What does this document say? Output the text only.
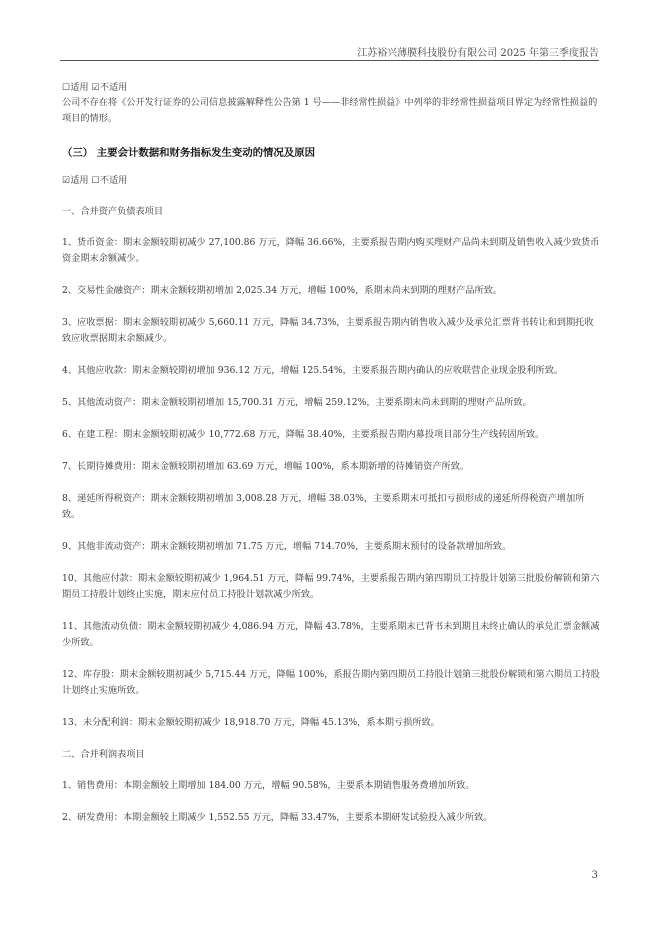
江苏裕兴薄膜科技股份有限公司 2025 年第三季度报告
☐适用 ☑不适用
公司不存在将《公开发行证券的公司信息披露解释性公告第 1 号——非经常性损益》中列举的非经常性损益项目界定为经常性损益的项目的情形。
（三） 主要会计数据和财务指标发生变动的情况及原因
☑适用 ☐不适用
一、合并资产负债表项目

1、货币资金：期末金额较期初减少 27,100.86 万元，降幅 36.66%，主要系报告期内购买理财产品尚未到期及销售收入减少致货币资金期末余额减少。

2、交易性金融资产：期末金额较期初增加 2,025.34 万元，增幅 100%，系期末尚未到期的理财产品所致。

3、应收票据：期末金额较期初减少 5,660.11 万元，降幅 34.73%，主要系报告期内销售收入减少及承兑汇票背书转让和到期托收致应收票据期末余额减少。

4、其他应收款：期末金额较期初增加 936.12 万元，增幅 125.54%，主要系报告期内确认的应收联营企业现金股利所致。

5、其他流动资产：期末金额较期初增加 15,700.31 万元，增幅 259.12%，主要系期末尚未到期的理财产品所致。

6、在建工程：期末金额较期初减少 10,772.68 万元，降幅 38.40%，主要系报告期内募投项目部分生产线转固所致。

7、长期待摊费用：期末金额较期初增加 63.69 万元，增幅 100%，系本期新增的待摊销资产所致。

8、递延所得税资产：期末金额较期初增加 3,008.28 万元，增幅 38.03%，主要系期末可抵扣亏损形成的递延所得税资产增加所致。

9、其他非流动资产：期末金额较期初增加 71.75 万元，增幅 714.70%，主要系期末预付的设备款增加所致。

10、其他应付款：期末金额较期初减少 1,964.51 万元，降幅 99.74%，主要系报告期内第四期员工持股计划第三批股份解锁和第六期员工持股计划终止实施，期末应付员工持股计划款减少所致。

11、其他流动负债：期末金额较期初减少 4,086.94 万元，降幅 43.78%，主要系期末已背书未到期且未终止确认的承兑汇票金额减少所致。

12、库存股：期末金额较期初减少 5,715.44 万元，降幅 100%，系报告期内第四期员工持股计划第三批股份解锁和第六期员工持股计划终止实施所致。

13、未分配利润：期末金额较期初减少 18,918.70 万元，降幅 45.13%，系本期亏损所致。

二、合并利润表项目

1、销售费用：本期金额较上期增加 184.00 万元，增幅 90.58%，主要系本期销售服务费增加所致。

2、研发费用：本期金额较上期减少 1,552.55 万元，降幅 33.47%，主要系本期研发试验投入减少所致。

3
